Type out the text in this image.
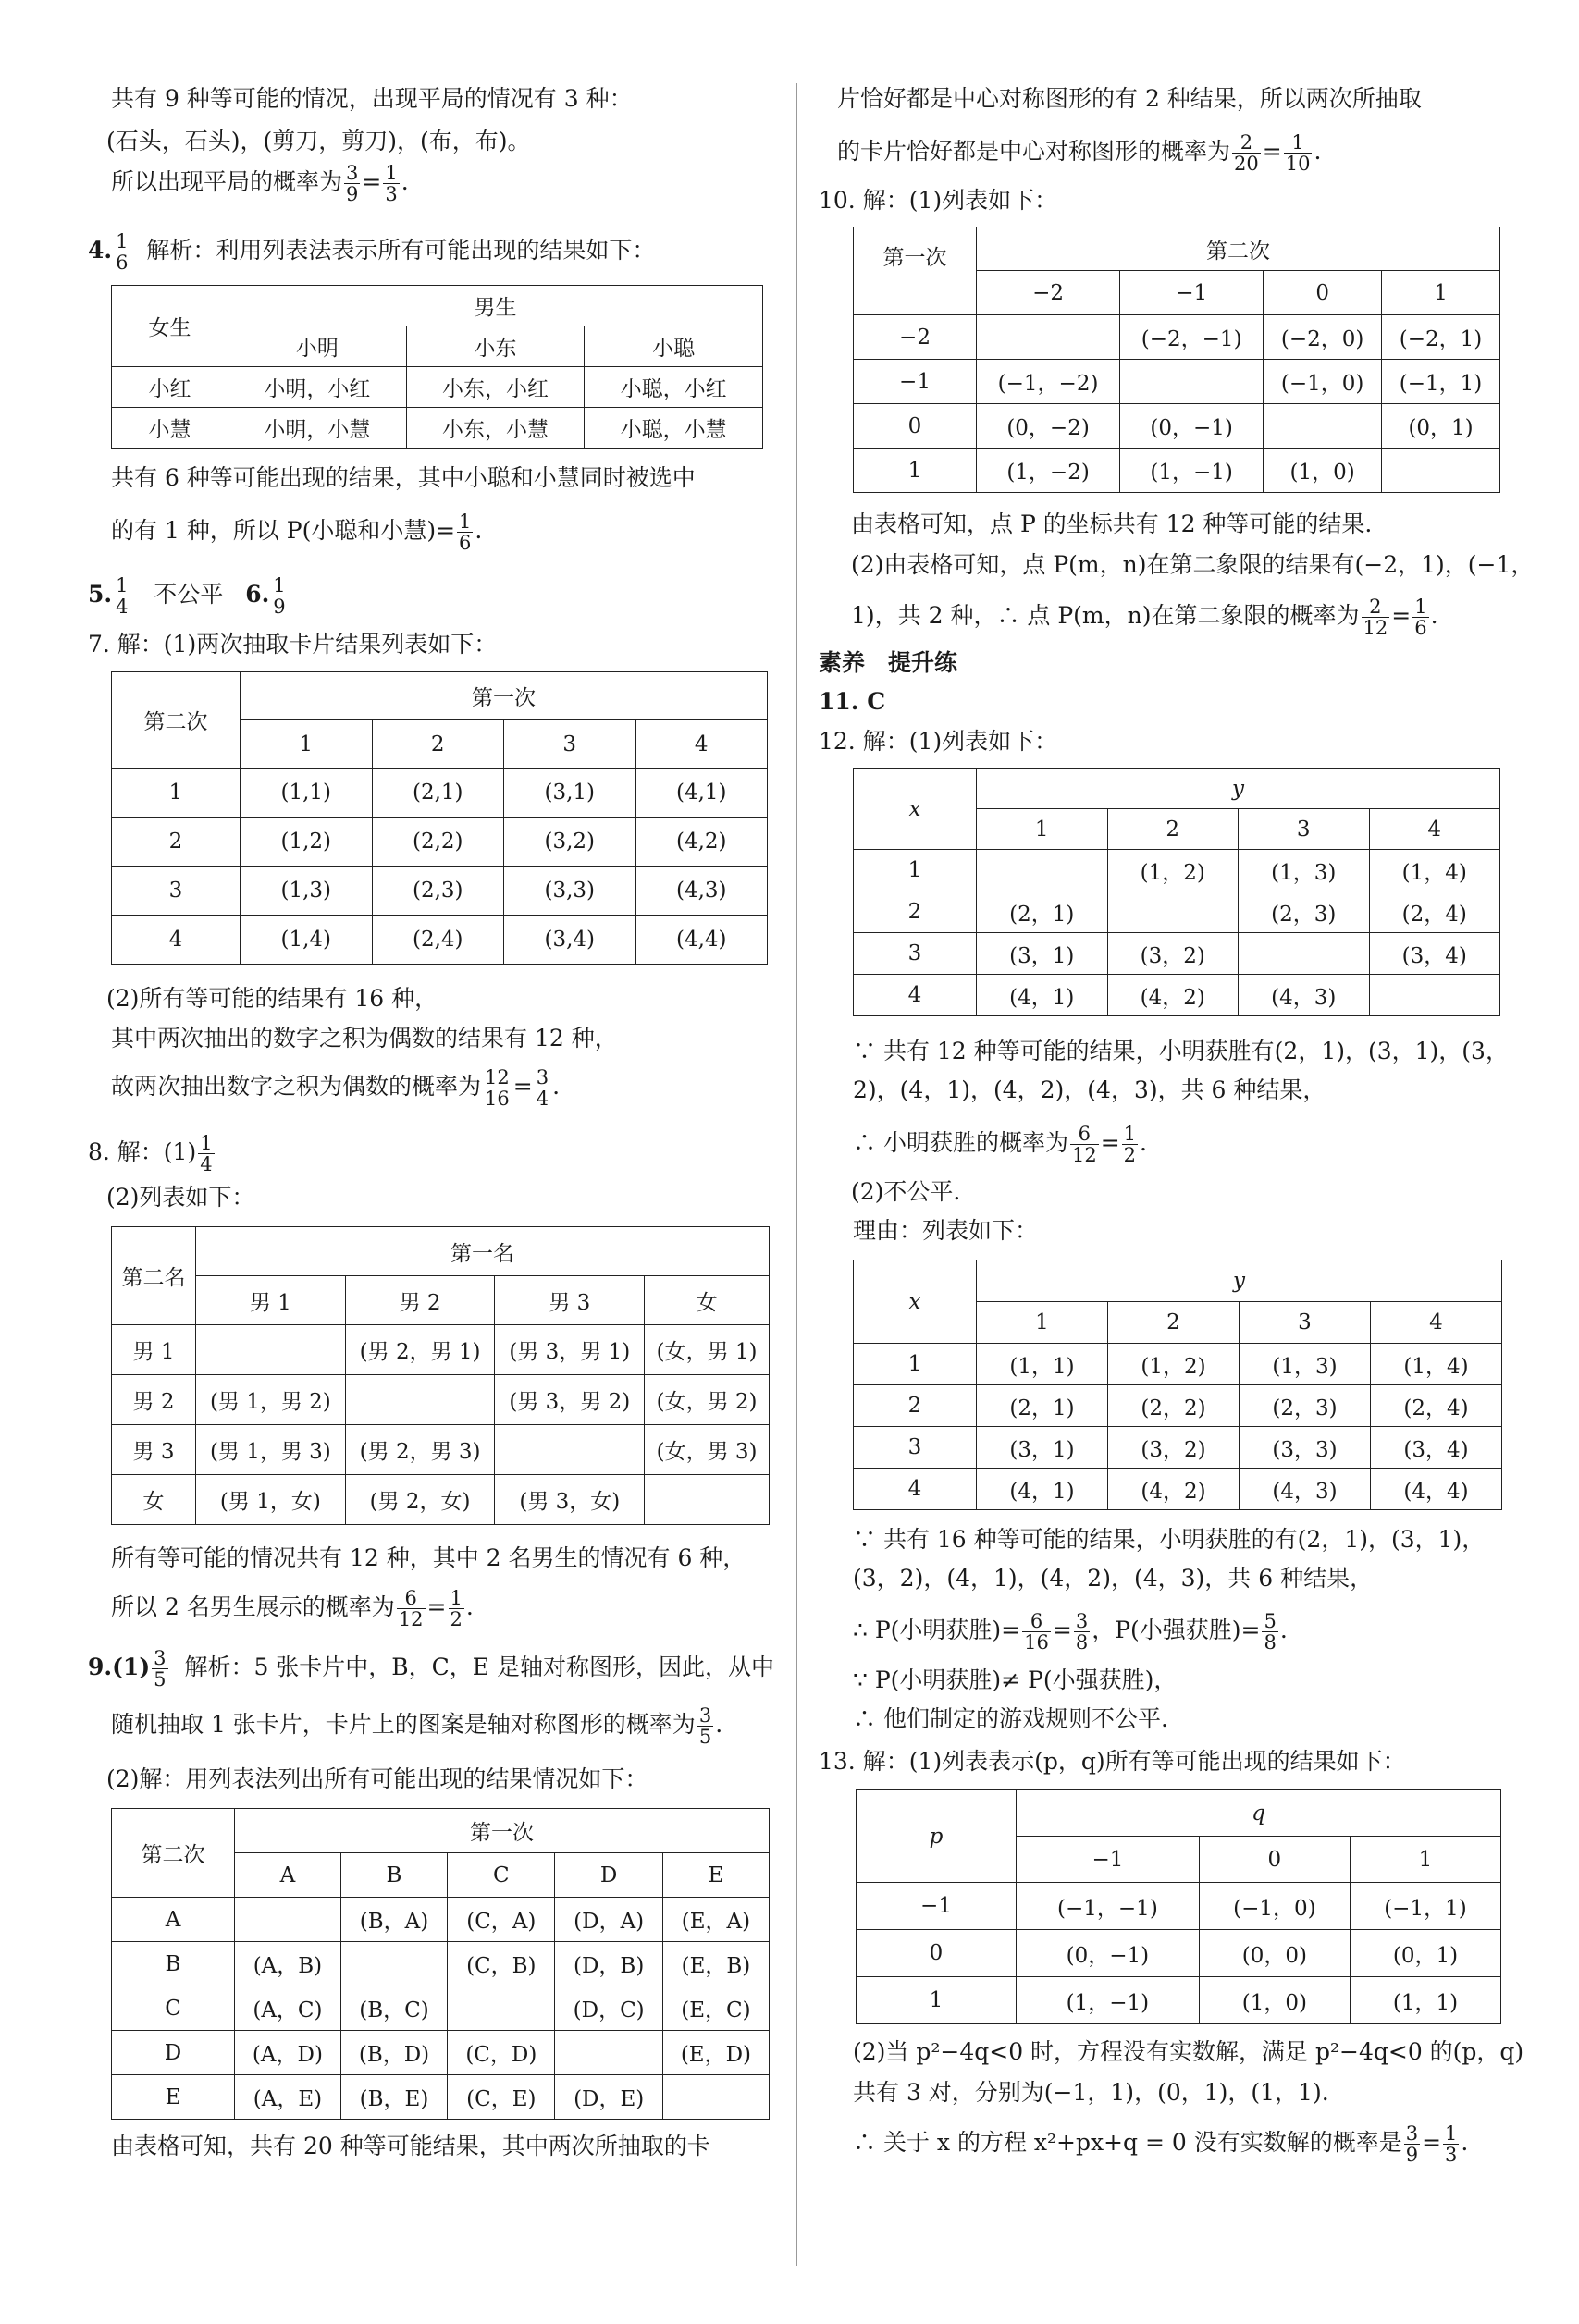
共有 9 种等可能的情况，出现平局的情况有 3 种：
(石头，石头)，(剪刀，剪刀)，(布，布)。
所以出现平局的概率为 $\frac{3}{9} = \frac{1}{3}$ .
4. $\frac{1}{6}$ 解析：利用列表法表示所有可能出现的结果如下：
女生	男生		
	小明	小东	小聪
小红	小明，小红	小东，小红	小聪，小红
小慧	小明，小慧	小东，小慧	小聪，小慧
共有 6 种等可能出现的结果，其中小聪和小慧同时被选中
的有 1 种，所以 P(小聪和小慧)= $\frac{1}{6}$ .
5. $\frac{1}{4}$ 不公平 6. $\frac{1}{9}$
7. 解：(1)两次抽取卡片结果列表如下：
第二次	第一次			
	1	2	3	4
1	(1,1)	(2,1)	(3,1)	(4,1)
2	(1,2)	(2,2)	(3,2)	(4,2)
3	(1,3)	(2,3)	(3,3)	(4,3)
4	(1,4)	(2,4)	(3,4)	(4,4)
(2)所有等可能的结果有 16 种，
其中两次抽出的数字之积为偶数的结果有 12 种，
故两次抽出数字之积为偶数的概率为 $\frac{12}{16} = \frac{3}{4}$ .
8. 解：$(1) \frac{1}{4}$
(2)列表如下：
第二名	第一名			
	男 1	男 2	男 3	女
男 1		(男 2，男 1)	(男 3，男 1)	(女，男 1)
男 2	(男 1，男 2)		(男 3，男 2)	(女，男 2)
男 3	(男 1，男 3)	(男 2，男 3)		(女，男 3)
女	(男 1，女)	(男 2，女)	(男 3，女)	
所有等可能的情况共有 12 种，其中 2 名男生的情况有 6 种，
所以 2 名男生展示的概率为 $\frac{6}{12} = \frac{1}{2}$ .
$9.(1) \frac{3}{5}$ 解析：5 张卡片中，B，C，E 是轴对称图形，因此，从中
随机抽取 1 张卡片，卡片上的图案是轴对称图形的概率为 $\frac{3}{5}$ .
(2)解：用列表法列出所有可能出现的结果情况如下：
第二次	第一次				
	A	B	C	D	E
A		(B，A)	(C，A)	(D，A)	(E，A)
B	(A，B)		(C，B)	(D，B)	(E，B)
C	(A，C)	(B，C)		(D，C)	(E，C)
D	(A，D)	(B，D)	(C，D)		(E，D)
E	(A，E)	(B，E)	(C，E)	(D，E)	
由表格可知，共有 20 种等可能结果，其中两次所抽取的卡
片恰好都是中心对称图形的有 2 种结果，所以两次所抽取
的卡片恰好都是中心对称图形的概率为 $\frac{2}{20} = \frac{1}{10}$ .
10. 解：(1)列表如下：
第一次	第二次			
	−2	−1	0	1
−2		(−2，−1)	(−2，0)	(−2，1)
−1	(−1，−2)		(−1，0)	(−1，1)
0	(0，−2)	(0，−1)		(0，1)
1	(1，−2)	(1，−1)	(1，0)	
由表格可知，点 P 的坐标共有 12 种等可能的结果.
(2)由表格可知，点 P(m，n)在第二象限的结果有(−2，1)，(−1，
1)，共 2 种，∴ 点 P(m，n)在第二象限的概率为 $\frac{2}{12} = \frac{1}{6}$ .
素养　提升练
11. C
12. 解：(1)列表如下：
x	y			
	1	2	3	4
1		(1，2)	(1，3)	(1，4)
2	(2，1)		(2，3)	(2，4)
3	(3，1)	(3，2)		(3，4)
4	(4，1)	(4，2)	(4，3)	
∵ 共有 12 种等可能的结果，小明获胜有(2，1)，(3，1)，(3，
2)，(4，1)，(4，2)，(4，3)，共 6 种结果，
∴ 小明获胜的概率为 $\frac{6}{12} = \frac{1}{2}$ .
(2)不公平.
理由：列表如下：
x	y			
	1	2	3	4
1	(1，1)	(1，2)	(1，3)	(1，4)
2	(2，1)	(2，2)	(2，3)	(2，4)
3	(3，1)	(3，2)	(3，3)	(3，4)
4	(4，1)	(4，2)	(4，3)	(4，4)
∵ 共有 16 种等可能的结果，小明获胜的有(2，1)，(3，1)，
(3，2)，(4，1)，(4，2)，(4，3)，共 6 种结果，
∴ P(小明获胜)= $\frac{6}{16} = \frac{3}{8}$ ，P(小强获胜)= $\frac{5}{8}$ .
∵ P(小明获胜)≠ P(小强获胜)，
∴ 他们制定的游戏规则不公平.
13. 解：(1)列表表示(p，q)所有等可能出现的结果如下：
p	q		
	−1	0	1
−1	(−1，−1)	(−1，0)	(−1，1)
0	(0，−1)	(0，0)	(0，1)
1	(1，−1)	(1，0)	(1，1)
(2)当 p²−4q<0 时，方程没有实数解，满足 p²−4q<0 的(p，q)
共有 3 对，分别为(−1，1)，(0，1)，(1，1).
∴ 关于 x 的方程 x²+px+q = 0 没有实数解的概率是 $\frac{3}{9} = \frac{1}{3}$ .
